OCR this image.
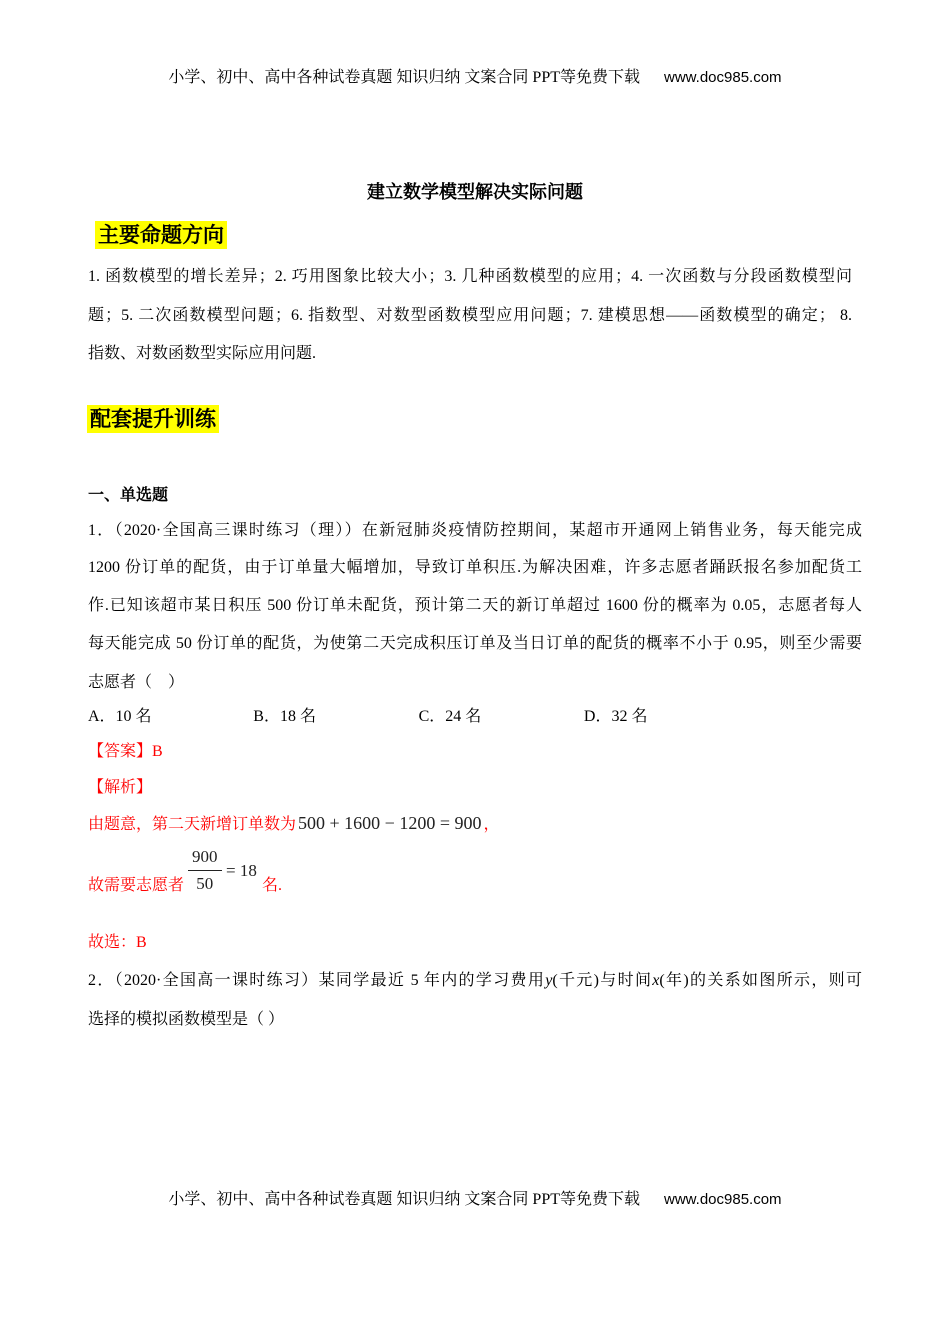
小学、初中、高中各种试卷真题 知识归纳 文案合同 PPT等免费下载 www.doc985.com
建立数学模型解决实际问题
主要命题方向
1. 函数模型的增长差异；2. 巧用图象比较大小；3. 几种函数模型的应用；4. 一次函数与分段函数模型问
题；5. 二次函数模型问题；6. 指数型、对数型函数模型应用问题；7. 建模思想——函数模型的确定； 8.
指数、对数函数型实际应用问题.
配套提升训练
一、单选题
1．（2020·全国高三课时练习（理））在新冠肺炎疫情防控期间，某超市开通网上销售业务，每天能完成
1200 份订单的配货，由于订单量大幅增加，导致订单积压.为解决困难，许多志愿者踊跃报名参加配货工
作.已知该超市某日积压 500 份订单未配货，预计第二天的新订单超过 1600 份的概率为 0.05，志愿者每人
每天能完成 50 份订单的配货，为使第二天完成积压订单及当日订单的配货的概率不小于 0.95，则至少需要
志愿者（　）
A．10 名	B．18 名	C．24 名	D．32 名
【答案】B
【解析】
由题意，第二天新增订单数为 500 + 1600 − 1200 = 900 ，
故需要志愿者 $\frac{900}{50} = 18$
名.
故选：B
2．（2020·全国高一课时练习）某同学最近 5 年内的学习费用y(千元)与时间x(年)的关系如图所示，则可
选择的模拟函数模型是（ ）
小学、初中、高中各种试卷真题 知识归纳 文案合同 PPT等免费下载 www.doc985.com
